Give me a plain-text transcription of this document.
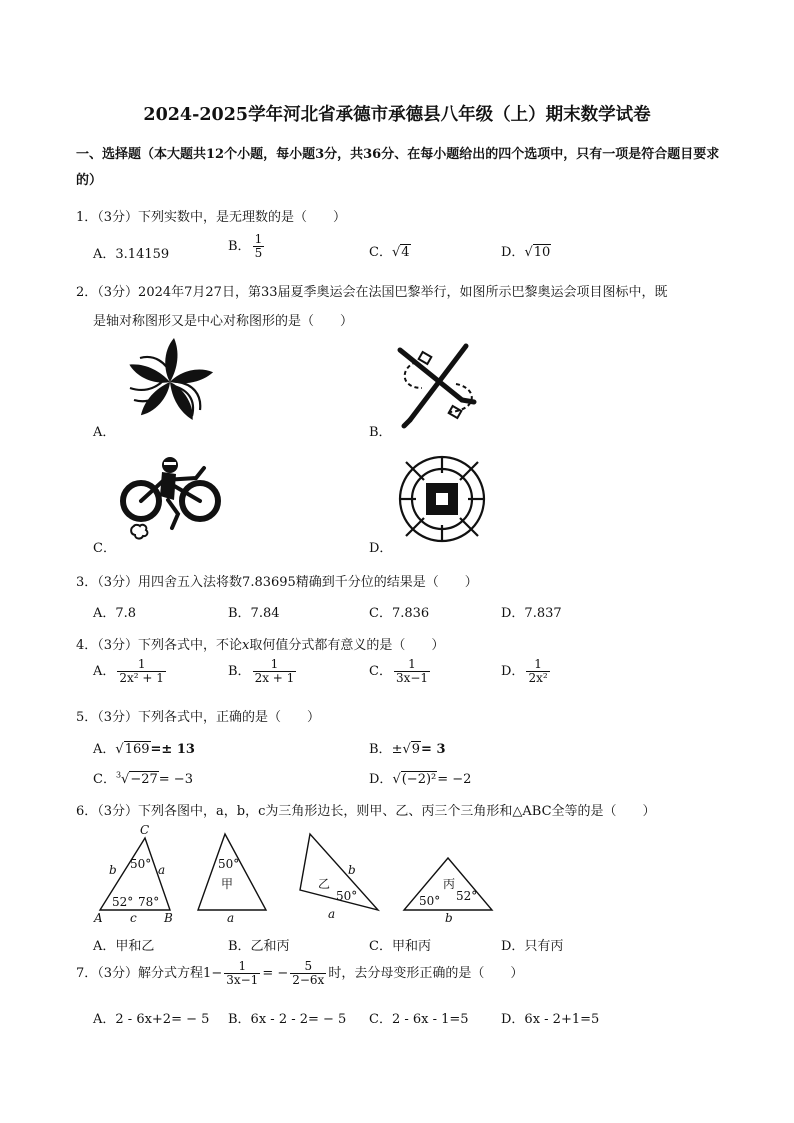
2024-2025学年河北省承德市承德县八年级（上）期末数学试卷
一、选择题（本大题共12个小题，每小题3分，共36分、在每小题给出的四个选项中，只有一项是符合题目要求的）
1．（3分）下列实数中，是无理数的是（　　）
A．3.14159
B． $\frac{1}{5}$	C．√4	D．√10
2．（3分）2024年7月27日，第33届夏季奥运会在法国巴黎举行，如图所示巴黎奥运会项目图标中，既
是轴对称图形又是中心对称图形的是（　　）
A．	B．
C．	D．
3．（3分）用四舍五入法将数7.83695精确到千分位的结果是（　　）
A．7.8	B．7.84	C．7.836	D．7.837
4．（3分）下列各式中，不论x取何值分式都有意义的是（　　）
A． $\frac{1}{\text{2x² + 1}}$	B． $\frac{1}{2x + 1}$	C． $\frac{1}{3x-1}$	D． $\frac{1}{\text{2x²}}$
5．（3分）下列各式中，正确的是（　　）
A．√169=± 13	B．±√9= 3
C．$^3$√−27= −3	D．√(−2)²= −2
6．（3分）下列各图中，a，b，c为三角形边长，则甲、乙、丙三个三角形和△ABC全等的是（　　）
C
A	B
b	a
c
50°
52° 78°
50°
甲
a
乙
50°
b
a
丙
50° 52°
b
A．甲和乙	B．乙和丙	C．甲和丙	D．只有丙
7．（3分）解分式方程$1- \frac{1}{3x-1}$ = − $\frac{5}{2-6x}$ 时，去分母变形正确的是（　　）
A．2 - 6x+2= − 5 B．6x - 2 - 2= − 5 C．2 - 6x - 1=5 D．6x - 2+1=5
